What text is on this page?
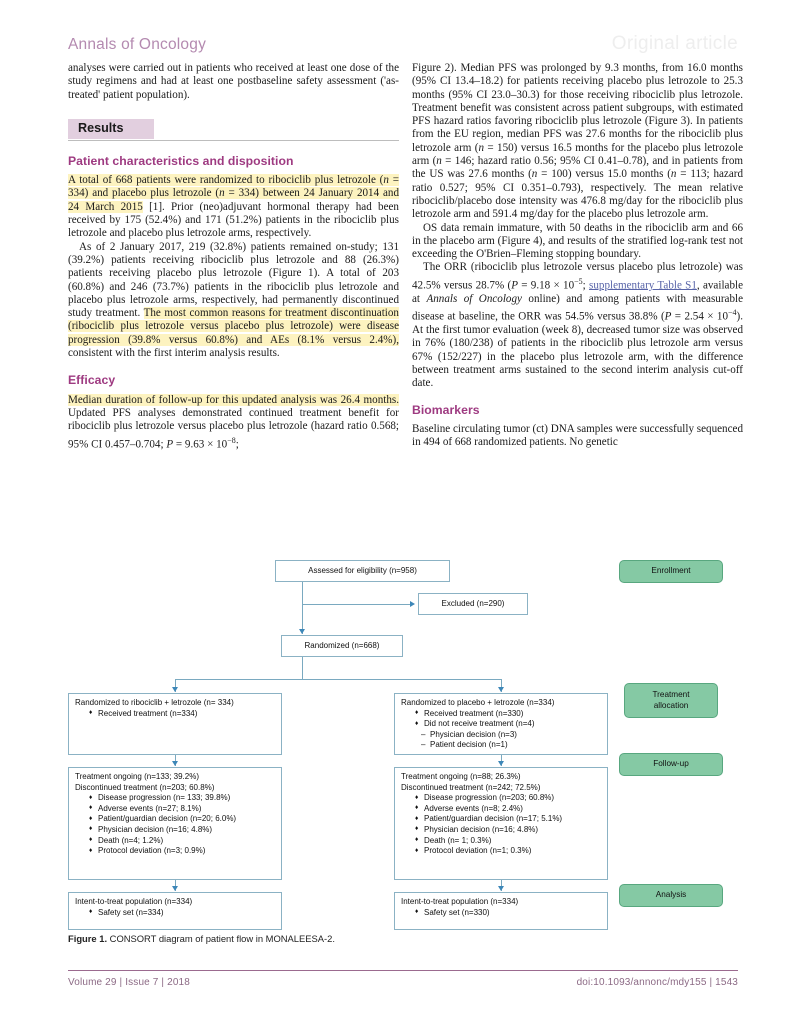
Annals of Oncology	Original article

analyses were carried out in patients who received at least one dose of the study regimens and had at least one postbaseline safety assessment ('as-treated' patient population).

Results
Patient characteristics and disposition

A total of 668 patients were randomized to ribociclib plus letrozole (n = 334) and placebo plus letrozole (n = 334) between 24 January 2014 and 24 March 2015 [1]. Prior (neo)adjuvant hormonal therapy had been received by 175 (52.4%) and 171 (51.2%) patients in the ribociclib plus letrozole and placebo plus letrozole arms, respectively.

As of 2 January 2017, 219 (32.8%) patients remained on-study; 131 (39.2%) patients receiving ribociclib plus letrozole and 88 (26.3%) patients receiving placebo plus letrozole (Figure 1). A total of 203 (60.8%) and 246 (73.7%) patients in the ribociclib plus letrozole and placebo plus letrozole arms, respectively, had permanently discontinued study treatment. The most common reasons for treatment discontinuation (ribociclib plus letrozole versus placebo plus letrozole) were disease progression (39.8% versus 60.8%) and AEs (8.1% versus 2.4%), consistent with the first interim analysis results.

Efficacy

Median duration of follow-up for this updated analysis was 26.4 months. Updated PFS analyses demonstrated continued treatment benefit for ribociclib plus letrozole versus placebo plus letrozole (hazard ratio 0.568; 95% CI 0.457–0.704; $P = 9.63 \times 10^{-8}$;

Figure 2). Median PFS was prolonged by 9.3 months, from 16.0 months (95% CI 13.4–18.2) for patients receiving placebo plus letrozole to 25.3 months (95% CI 23.0–30.3) for those receiving ribociclib plus letrozole. Treatment benefit was consistent across patient subgroups, with estimated PFS hazard ratios favoring ribociclib plus letrozole (Figure 3). In patients from the EU region, median PFS was 27.6 months for the ribociclib plus letrozole arm (n = 150) versus 16.5 months for the placebo plus letrozole arm (n = 146; hazard ratio 0.56; 95% CI 0.41–0.78), and in patients from the US was 27.6 months (n = 100) versus 15.0 months (n = 113; hazard ratio 0.527; 95% CI 0.351–0.793), respectively. The mean relative ribociclib/placebo dose intensity was 476.8 mg/day for the ribociclib plus letrozole arm and 591.4 mg/day for the placebo plus letrozole arm.

OS data remain immature, with 50 deaths in the ribociclib arm and 66 in the placebo arm (Figure 4), and results of the stratified log-rank test not exceeding the O'Brien–Fleming stopping boundary.

The ORR (ribociclib plus letrozole versus placebo plus letrozole) was 42.5% versus 28.7% ($P = 9.18 \times 10^{-5}$; supplementary Table S1, available at Annals of Oncology online) and among patients with measurable disease at baseline, the ORR was 54.5% versus 38.8% $(P = 2.54 \times 10^{-4})$. At the first tumor evaluation (week 8), decreased tumor size was observed in 76% (180/238) of patients in the ribociclib plus letrozole arm versus 67% (152/227) in the placebo plus letrozole arm, with the difference between treatment arms sustained to the second interim analysis cut-off date.

Biomarkers

Baseline circulating tumor (ct) DNA samples were successfully sequenced in 494 of 668 randomized patients. No genetic

Assessed for eligibility (n=958)
Excluded (n=290)
Randomized (n=668)
Randomized to ribociclib + letrozole (n= 334)
♦ Received treatment (n=334)
Randomized to placebo + letrozole (n=334)
♦ Received treatment (n=330)
♦ Did not receive treatment (n=4)
– Physician decision (n=3)
– Patient decision (n=1)
Treatment ongoing (n=133; 39.2%)
Discontinued treatment (n=203; 60.8%)
♦ Disease progression (n= 133; 39.8%)
♦ Adverse events (n=27; 8.1%)
♦ Patient/guardian decision (n=20; 6.0%)
♦ Physician decision (n=16; 4.8%)
♦ Death (n=4; 1.2%)
♦ Protocol deviation (n=3; 0.9%)
Treatment ongoing (n=88; 26.3%)
Discontinued treatment (n=242; 72.5%)
♦ Disease progression (n=203; 60.8%)
♦ Adverse events (n=8; 2.4%)
♦ Patient/guardian decision (n=17; 5.1%)
♦ Physician decision (n=16; 4.8%)
♦ Death (n= 1; 0.3%)
♦ Protocol deviation (n=1; 0.3%)
Intent-to-treat population (n=334)
♦ Safety set (n=334)
Intent-to-treat population (n=334)
♦ Safety set (n=330)
Enrollment
Treatment
allocation
Follow-up
Analysis
Figure 1. CONSORT diagram of patient flow in MONALEESA-2.
Volume 29 | Issue 7 | 2018	doi:10.1093/annonc/mdy155 | 1543
